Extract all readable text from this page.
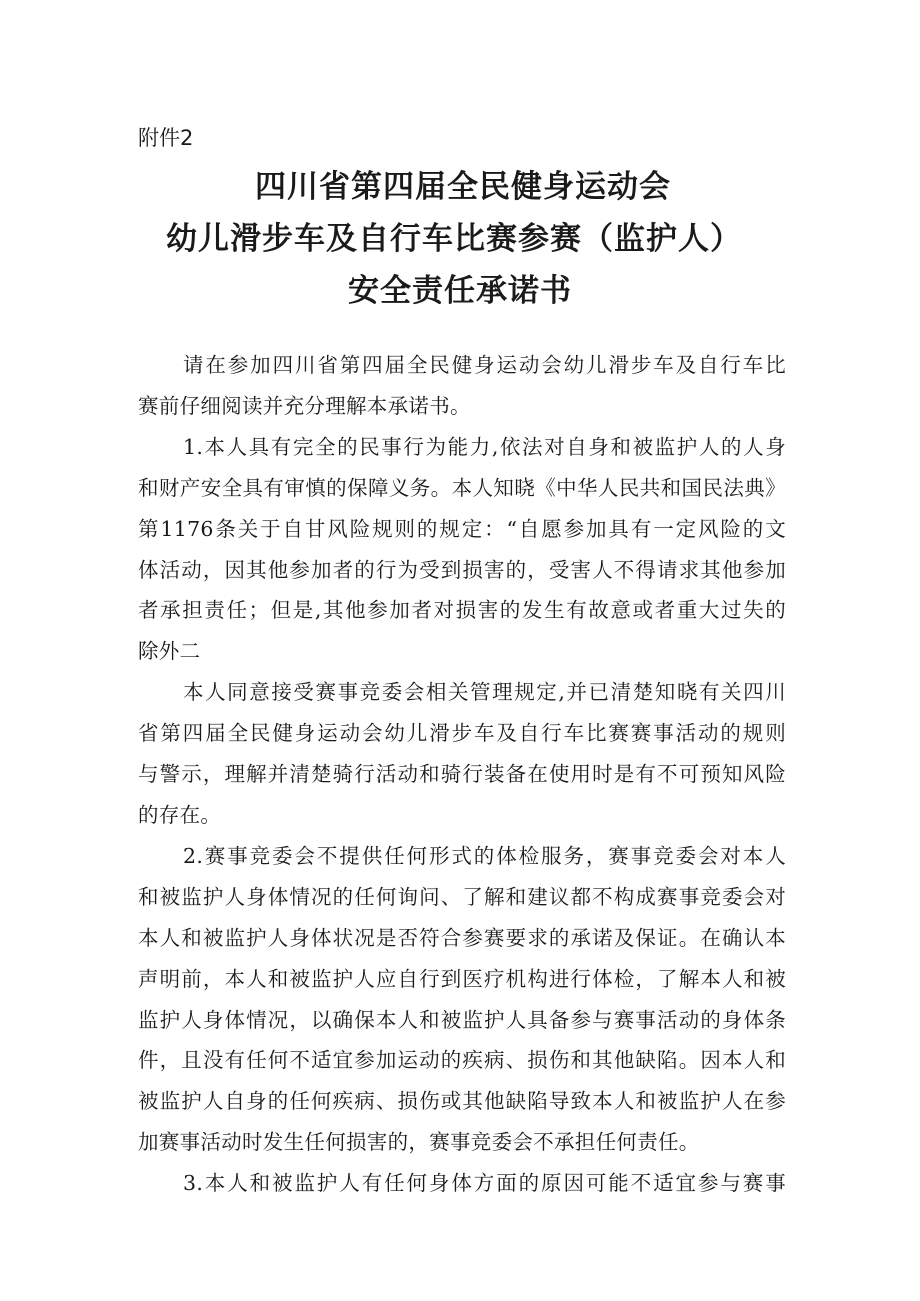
附件2
四川省第四届全民健身运动会
幼儿滑步车及自行车比赛参赛（监护人）
安全责任承诺书
请在参加四川省第四届全民健身运动会幼儿滑步车及自行车比
赛前仔细阅读并充分理解本承诺书。
1.本人具有完全的民事行为能力,依法对自身和被监护人的人身
和财产安全具有审慎的保障义务。本人知晓《中华人民共和国民法典》
第1176条关于自甘风险规则的规定：“自愿参加具有一定风险的文
体活动，因其他参加者的行为受到损害的，受害人不得请求其他参加
者承担责任；但是,其他参加者对损害的发生有故意或者重大过失的
除外二
本人同意接受赛事竞委会相关管理规定,并已清楚知晓有关四川
省第四届全民健身运动会幼儿滑步车及自行车比赛赛事活动的规则
与警示，理解并清楚骑行活动和骑行装备在使用时是有不可预知风险
的存在。
2.赛事竞委会不提供任何形式的体检服务，赛事竞委会对本人
和被监护人身体情况的任何询问、了解和建议都不构成赛事竞委会对
本人和被监护人身体状况是否符合参赛要求的承诺及保证。在确认本
声明前，本人和被监护人应自行到医疗机构进行体检，了解本人和被
监护人身体情况，以确保本人和被监护人具备参与赛事活动的身体条
件，且没有任何不适宜参加运动的疾病、损伤和其他缺陷。因本人和
被监护人自身的任何疾病、损伤或其他缺陷导致本人和被监护人在参
加赛事活动时发生任何损害的，赛事竞委会不承担任何责任。
3.本人和被监护人有任何身体方面的原因可能不适宜参与赛事
